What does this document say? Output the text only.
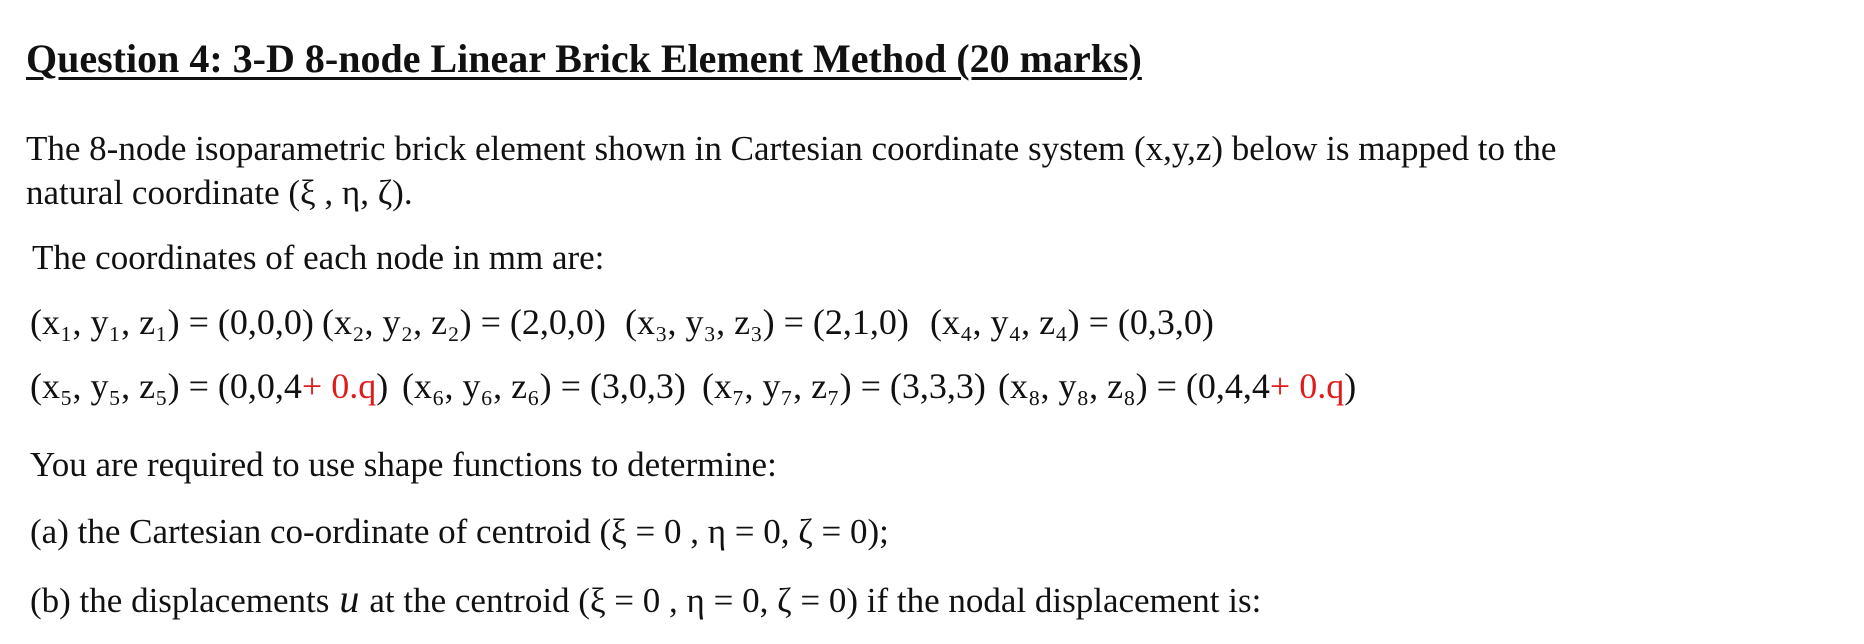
Question 4: 3-D 8-node Linear Brick Element Method (20 marks)
The 8-node isoparametric brick element shown in Cartesian coordinate system (x,y,z) below is mapped to the
natural coordinate (ξ , η, ζ).
The coordinates of each node in mm are:
(x₁, y₁, z₁) = (0,0,0) (x₂, y₂, z₂) = (2,0,0) (x₃, y₃, z₃) = (2,1,0) (x₄, y₄, z₄) = (0,3,0)
(x₅, y₅, z₅) = (0,0,4+ 0.q) (x₆, y₆, z₆) = (3,0,3) (x₇, y₇, z₇) = (3,3,3) (x₈, y₈, z₈) = (0,4,4+ 0.q)
You are required to use shape functions to determine:
(a) the Cartesian co-ordinate of centroid (ξ = 0 , η = 0, ζ = 0);
(b) the displacements u at the centroid (ξ = 0 , η = 0, ζ = 0) if the nodal displacement is:
